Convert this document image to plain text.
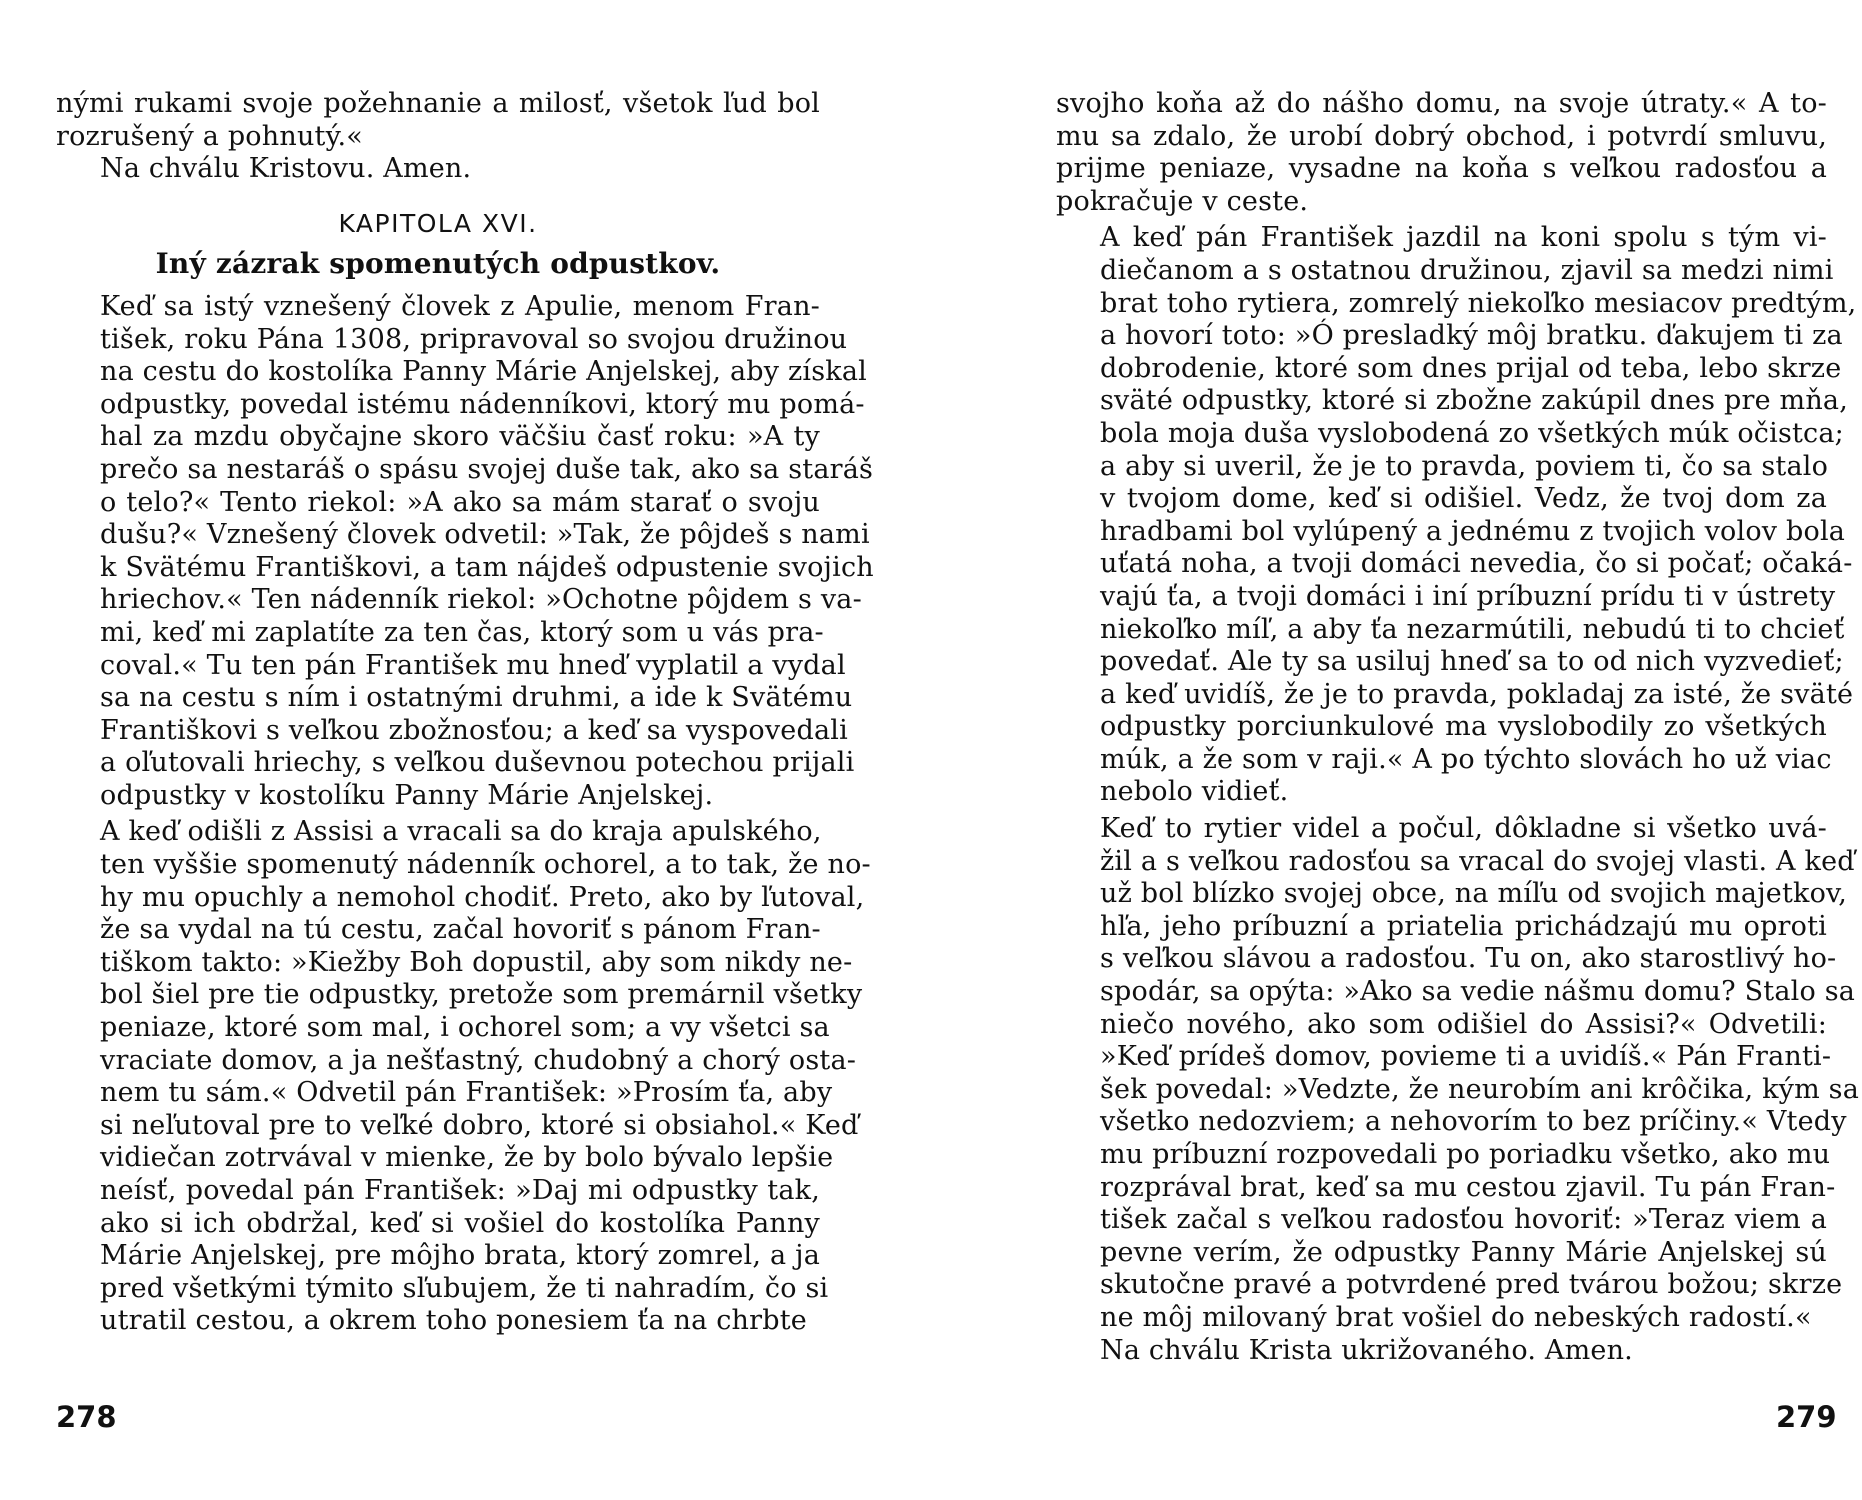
nými rukami svoje požehnanie a milosť, všetok ľud bol
rozrušený a pohnutý.«

Na chválu Kristovu. Amen.

KAPITOLA XVI.
Iný zázrak spomenutých odpustkov.

Keď sa istý vznešený človek z Apulie, menom Fran-
tišek, roku Pána 1308, pripravoval so svojou družinou
na cestu do kostolíka Panny Márie Anjelskej, aby získal
odpustky, povedal istému nádenníkovi, ktorý mu pomá-
hal za mzdu obyčajne skoro väčšiu časť roku: »A ty
prečo sa nestaráš o spásu svojej duše tak, ako sa staráš
o telo?« Tento riekol: »A ako sa mám starať o svoju
dušu?« Vznešený človek odvetil: »Tak, že pôjdeš s nami
k Svätému Františkovi, a tam nájdeš odpustenie svojich
hriechov.« Ten nádenník riekol: »Ochotne pôjdem s va-
mi, keď mi zaplatíte za ten čas, ktorý som u vás pra-
coval.« Tu ten pán František mu hneď vyplatil a vydal
sa na cestu s ním i ostatnými druhmi, a ide k Svätému
Františkovi s veľkou zbožnosťou; a keď sa vyspovedali
a oľutovali hriechy, s veľkou duševnou potechou prijali
odpustky v kostolíku Panny Márie Anjelskej.

A keď odišli z Assisi a vracali sa do kraja apulského,
ten vyššie spomenutý nádenník ochorel, a to tak, že no-
hy mu opuchly a nemohol chodiť. Preto, ako by ľutoval,
že sa vydal na tú cestu, začal hovoriť s pánom Fran-
tiškom takto: »Kiežby Boh dopustil, aby som nikdy ne-
bol šiel pre tie odpustky, pretože som premárnil všetky
peniaze, ktoré som mal, i ochorel som; a vy všetci sa
vraciate domov, a ja nešťastný, chudobný a chorý osta-
nem tu sám.« Odvetil pán František: »Prosím ťa, aby
si neľutoval pre to veľké dobro, ktoré si obsiahol.« Keď
vidiečan zotrvával v mienke, že by bolo bývalo lepšie
neísť, povedal pán František: »Daj mi odpustky tak,
ako si ich obdržal, keď si vošiel do kostolíka Panny
Márie Anjelskej, pre môjho brata, ktorý zomrel, a ja
pred všetkými týmito sľubujem, že ti nahradím, čo si
utratil cestou, a okrem toho ponesiem ťa na chrbte

278

svojho koňa až do nášho domu, na svoje útraty.« A to-
mu sa zdalo, že urobí dobrý obchod, i potvrdí smluvu,
prijme peniaze, vysadne na koňa s veľkou radosťou a
pokračuje v ceste.

A keď pán František jazdil na koni spolu s tým vi-
diečanom a s ostatnou družinou, zjavil sa medzi nimi
brat toho rytiera, zomrelý niekoľko mesiacov predtým,
a hovorí toto: »Ó presladký môj bratku. ďakujem ti za
dobrodenie, ktoré som dnes prijal od teba, lebo skrze
sväté odpustky, ktoré si zbožne zakúpil dnes pre mňa,
bola moja duša vyslobodená zo všetkých múk očistca;
a aby si uveril, že je to pravda, poviem ti, čo sa stalo
v tvojom dome, keď si odišiel. Vedz, že tvoj dom za
hradbami bol vylúpený a jednému z tvojich volov bola
uťatá noha, a tvoji domáci nevedia, čo si počať; očaká-
vajú ťa, a tvoji domáci i iní príbuzní prídu ti v ústrety
niekoľko míľ, a aby ťa nezarmútili, nebudú ti to chcieť
povedať. Ale ty sa usiluj hneď sa to od nich vyzvedieť;
a keď uvidíš, že je to pravda, pokladaj za isté, že sväté
odpustky porciunkulové ma vyslobodily zo všetkých
múk, a že som v raji.« A po týchto slovách ho už viac
nebolo vidieť.

Keď to rytier videl a počul, dôkladne si všetko uvá-
žil a s veľkou radosťou sa vracal do svojej vlasti. A keď
už bol blízko svojej obce, na míľu od svojich majetkov,
hľa, jeho príbuzní a priatelia prichádzajú mu oproti
s veľkou slávou a radosťou. Tu on, ako starostlivý ho-
spodár, sa opýta: »Ako sa vedie nášmu domu? Stalo sa
niečo nového, ako som odišiel do Assisi?« Odvetili:
»Keď prídeš domov, povieme ti a uvidíš.« Pán Franti-
šek povedal: »Vedzte, že neurobím ani krôčika, kým sa
všetko nedozviem; a nehovorím to bez príčiny.« Vtedy
mu príbuzní rozpovedali po poriadku všetko, ako mu
rozprával brat, keď sa mu cestou zjavil. Tu pán Fran-
tišek začal s veľkou radosťou hovoriť: »Teraz viem a
pevne verím, že odpustky Panny Márie Anjelskej sú
skutočne pravé a potvrdené pred tvárou božou; skrze
ne môj milovaný brat vošiel do nebeských radostí.«

Na chválu Krista ukrižovaného. Amen.

279
